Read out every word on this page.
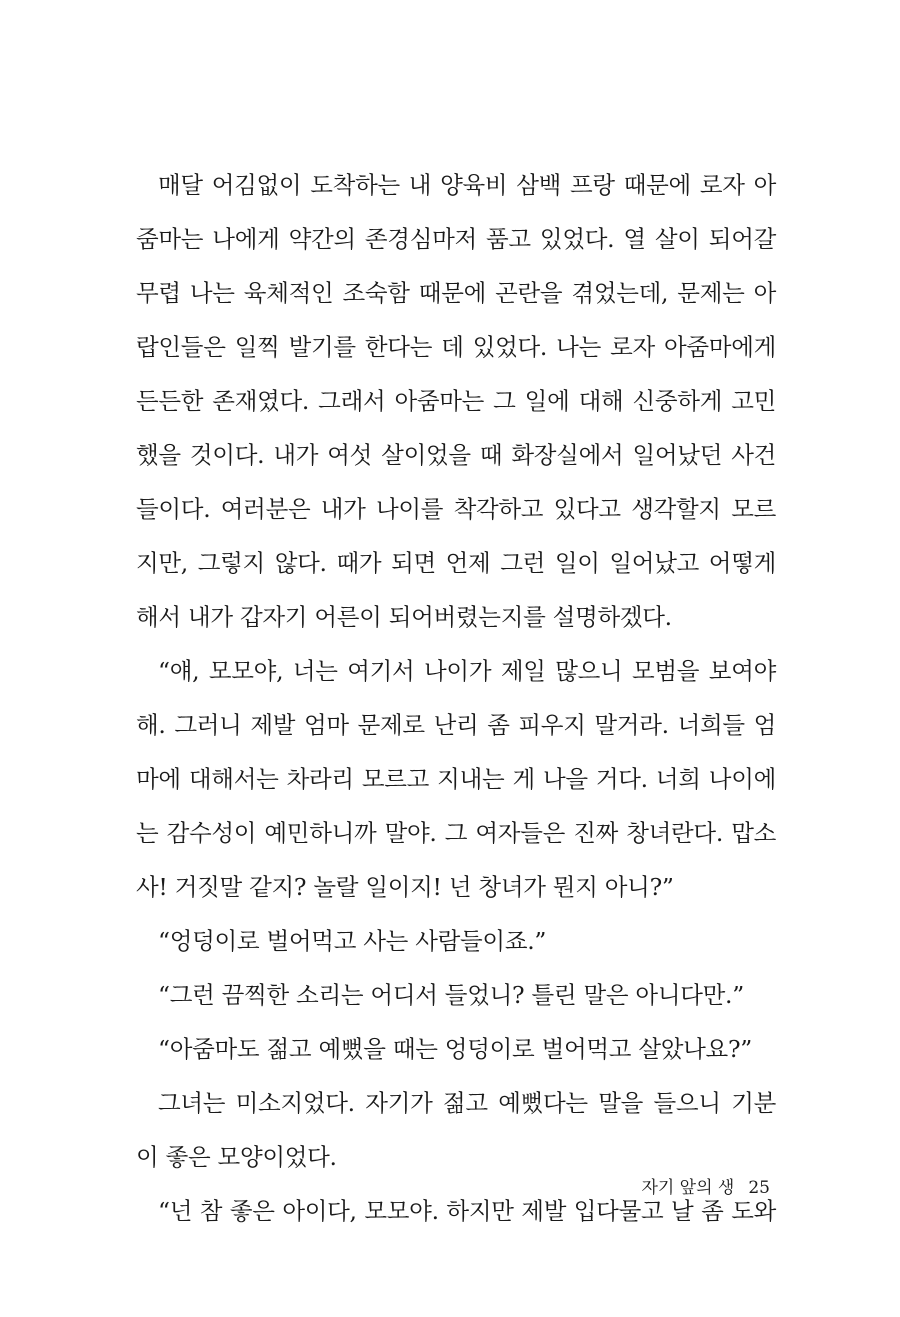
매달 어김없이 도착하는 내 양육비 삼백 프랑 때문에 로자 아
줌마는 나에게 약간의 존경심마저 품고 있었다. 열 살이 되어갈
무렵 나는 육체적인 조숙함 때문에 곤란을 겪었는데, 문제는 아
랍인들은 일찍 발기를 한다는 데 있었다. 나는 로자 아줌마에게
든든한 존재였다. 그래서 아줌마는 그 일에 대해 신중하게 고민
했을 것이다. 내가 여섯 살이었을 때 화장실에서 일어났던 사건
들이다. 여러분은 내가 나이를 착각하고 있다고 생각할지 모르
지만, 그렇지 않다. 때가 되면 언제 그런 일이 일어났고 어떻게
해서 내가 갑자기 어른이 되어버렸는지를 설명하겠다.
“얘, 모모야, 너는 여기서 나이가 제일 많으니 모범을 보여야
해. 그러니 제발 엄마 문제로 난리 좀 피우지 말거라. 너희들 엄
마에 대해서는 차라리 모르고 지내는 게 나을 거다. 너희 나이에
는 감수성이 예민하니까 말야. 그 여자들은 진짜 창녀란다. 맙소
사! 거짓말 같지? 놀랄 일이지! 넌 창녀가 뭔지 아니?”
“엉덩이로 벌어먹고 사는 사람들이죠.”
“그런 끔찍한 소리는 어디서 들었니? 틀린 말은 아니다만.”
“아줌마도 젊고 예뻤을 때는 엉덩이로 벌어먹고 살았나요?”
그녀는 미소지었다. 자기가 젊고 예뻤다는 말을 들으니 기분
이 좋은 모양이었다.
“넌 참 좋은 아이다, 모모야. 하지만 제발 입다물고 날 좀 도와
자기 앞의 생 25
